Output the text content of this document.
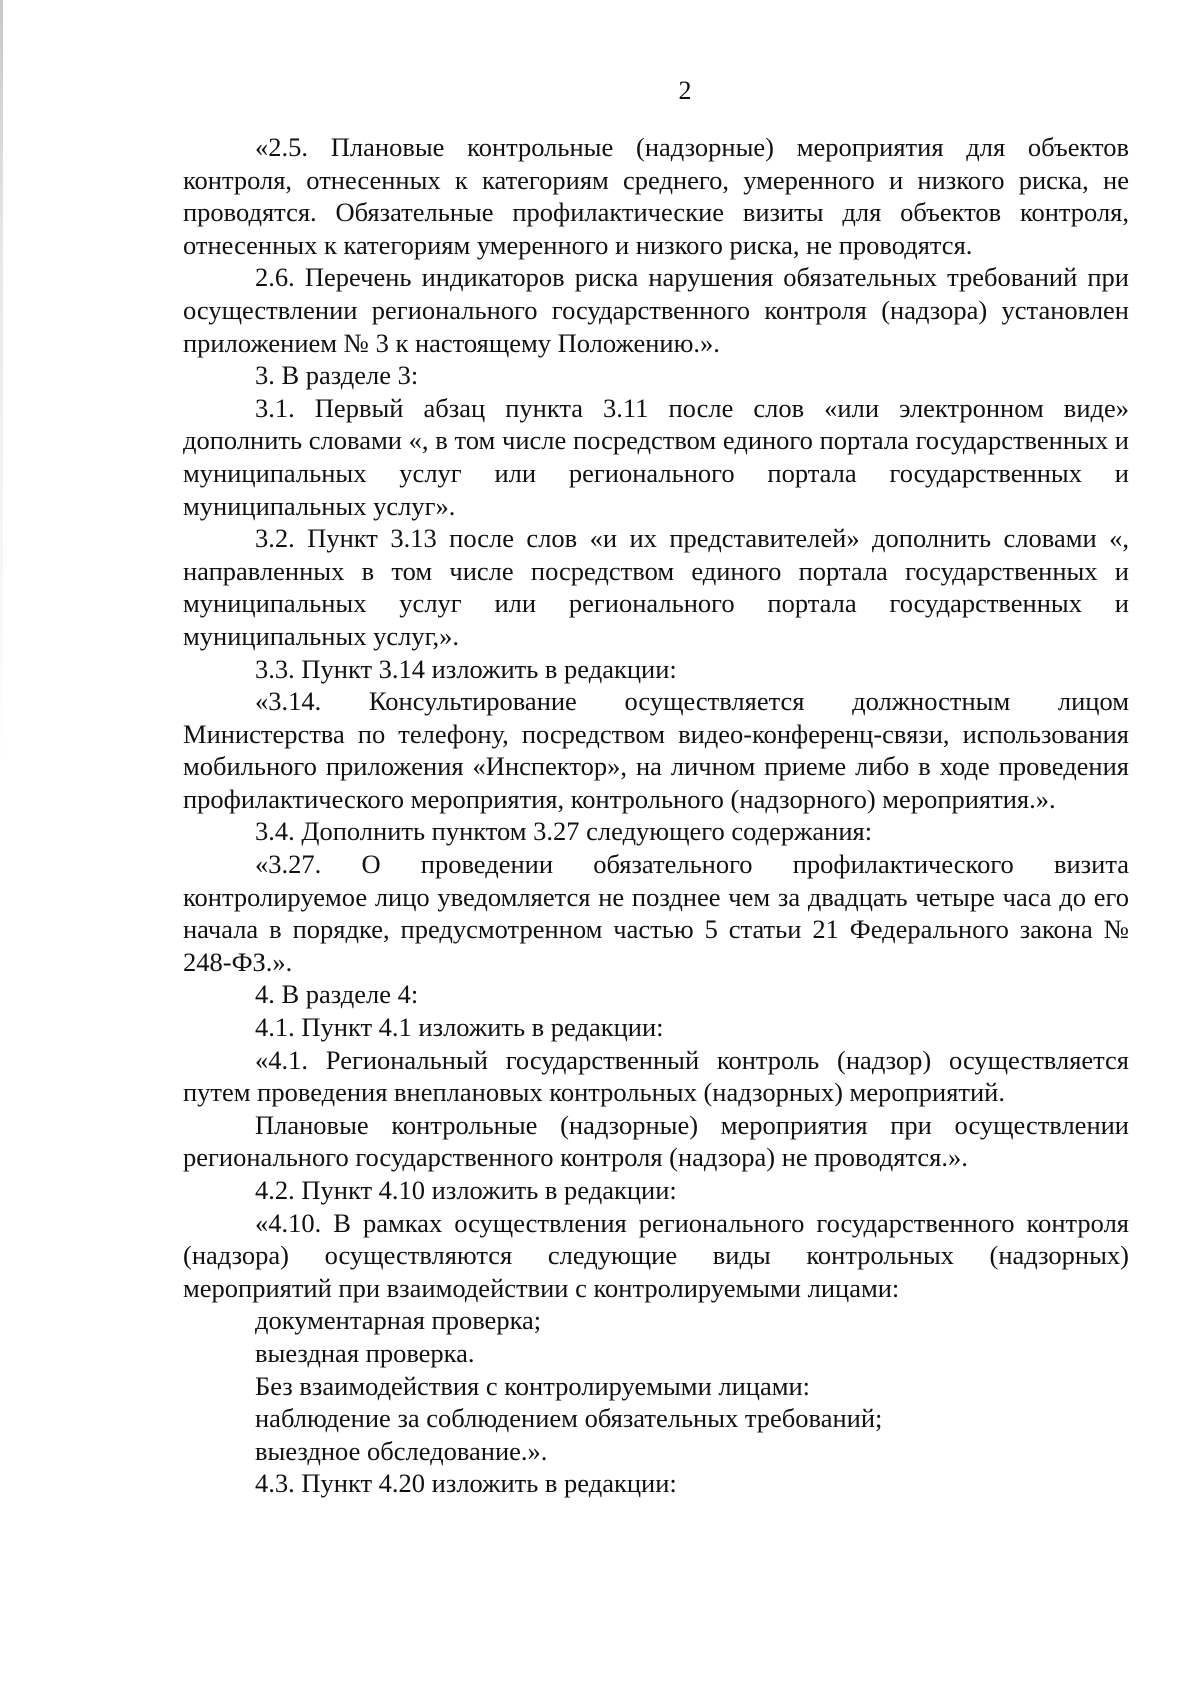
2

«2.5. Плановые контрольные (надзорные) мероприятия для объектов контроля, отнесенных к категориям среднего, умеренного и низкого риска, не проводятся. Обязательные профилактические визиты для объектов контроля, отнесенных к категориям умеренного и низкого риска, не проводятся.

2.6. Перечень индикаторов риска нарушения обязательных требований при осуществлении регионального государственного контроля (надзора) установлен приложением № 3 к настоящему Положению.».

3. В разделе 3:

3.1. Первый абзац пункта 3.11 после слов «или электронном виде» дополнить словами «, в том числе посредством единого портала государственных и муниципальных услуг или регионального портала государственных и муниципальных услуг».

3.2. Пункт 3.13 после слов «и их представителей» дополнить словами «, направленных в том числе посредством единого портала государственных и муниципальных услуг или регионального портала государственных и муниципальных услуг,».

3.3. Пункт 3.14 изложить в редакции:

«3.14. Консультирование осуществляется должностным лицом Министерства по телефону, посредством видео-конференц-связи, использования мобильного приложения «Инспектор», на личном приеме либо в ходе проведения профилактического мероприятия, контрольного (надзорного) мероприятия.».

3.4. Дополнить пунктом 3.27 следующего содержания:

«3.27. О проведении обязательного профилактического визита контролируемое лицо уведомляется не позднее чем за двадцать четыре часа до его начала в порядке, предусмотренном частью 5 статьи 21 Федерального закона № 248-ФЗ.».

4. В разделе 4:

4.1. Пункт 4.1 изложить в редакции:

«4.1. Региональный государственный контроль (надзор) осуществляется путем проведения внеплановых контрольных (надзорных) мероприятий.

Плановые контрольные (надзорные) мероприятия при осуществлении регионального государственного контроля (надзора) не проводятся.».

4.2. Пункт 4.10 изложить в редакции:

«4.10. В рамках осуществления регионального государственного контроля (надзора) осуществляются следующие виды контрольных (надзорных) мероприятий при взаимодействии с контролируемыми лицами:

документарная проверка;

выездная проверка.

Без взаимодействия с контролируемыми лицами:

наблюдение за соблюдением обязательных требований;

выездное обследование.».

4.3. Пункт 4.20 изложить в редакции:
